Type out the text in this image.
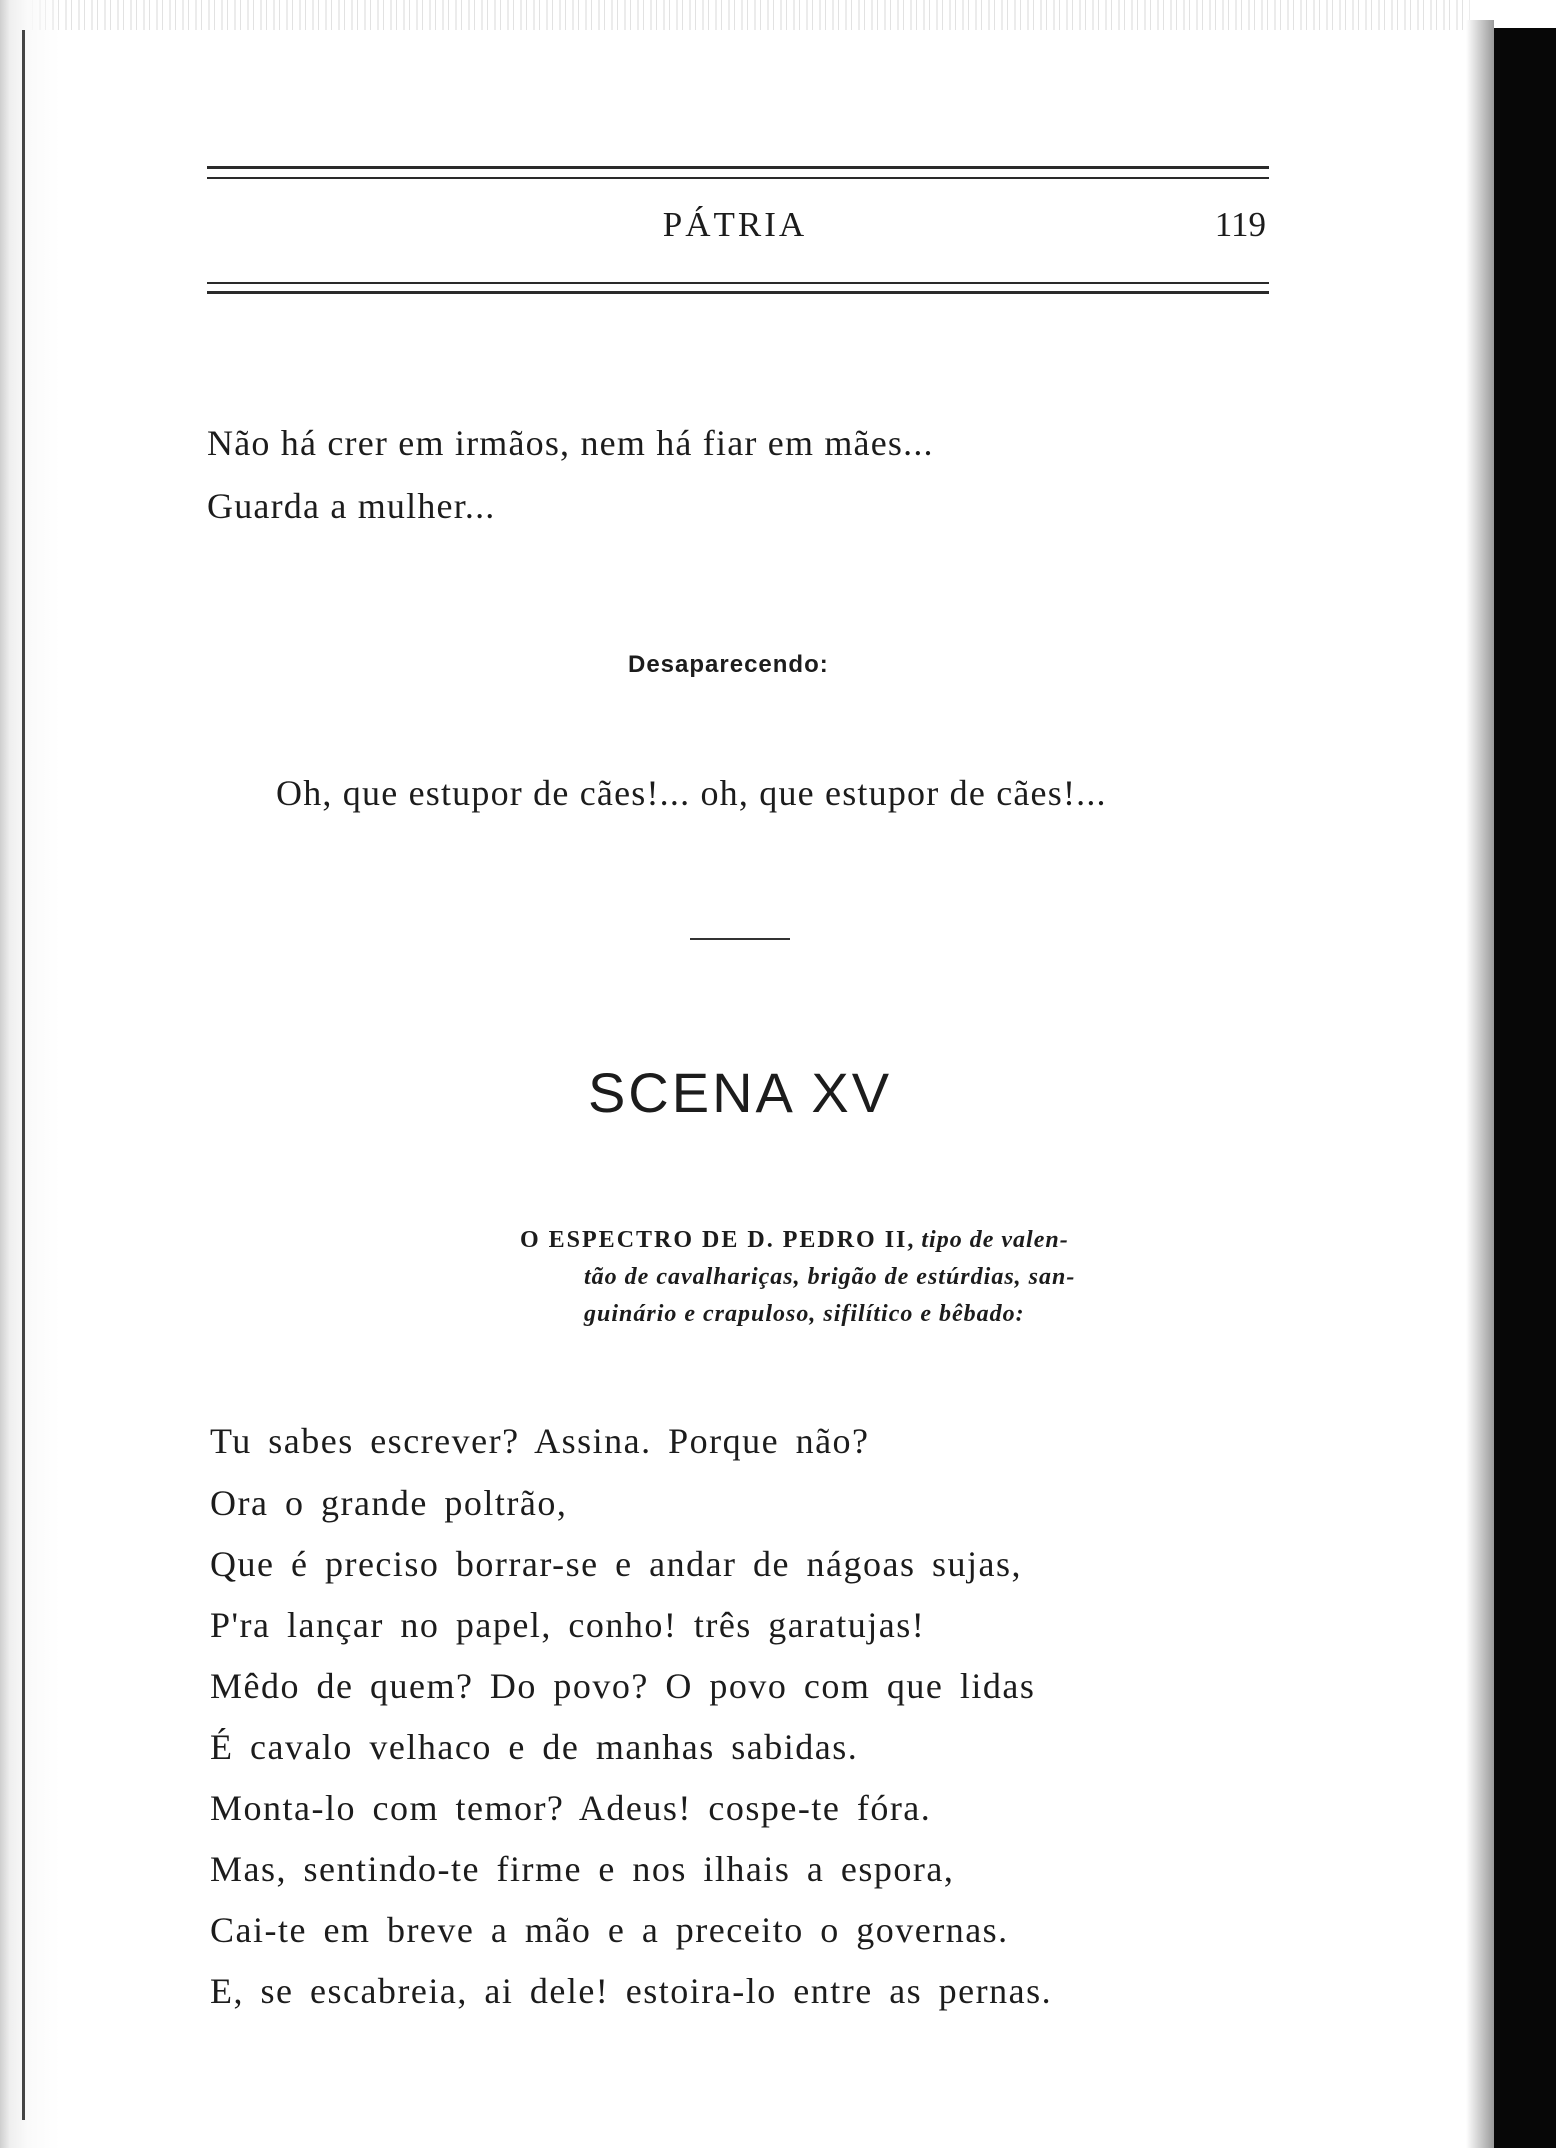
PÁTRIA	119
Não há crer em irmãos, nem há fiar em mães...
Guarda a mulher...
Desaparecendo:
Oh, que estupor de cães!... oh, que estupor de cães!...
SCENA XV
O ESPECTRO DE D. PEDRO II, tipo de valen-
tão de cavalhariças, brigão de estúrdias, san-
guinário e crapuloso, sifilítico e bêbado:
Tu sabes escrever? Assina. Porque não?
Ora o grande poltrão,
Que é preciso borrar-se e andar de nágoas sujas,
P'ra lançar no papel, conho! três garatujas!
Mêdo de quem? Do povo? O povo com que lidas
É cavalo velhaco e de manhas sabidas.
Monta-lo com temor? Adeus! cospe-te fóra.
Mas, sentindo-te firme e nos ilhais a espora,
Cai-te em breve a mão e a preceito o governas.
E, se escabreia, ai dele! estoira-lo entre as pernas.
